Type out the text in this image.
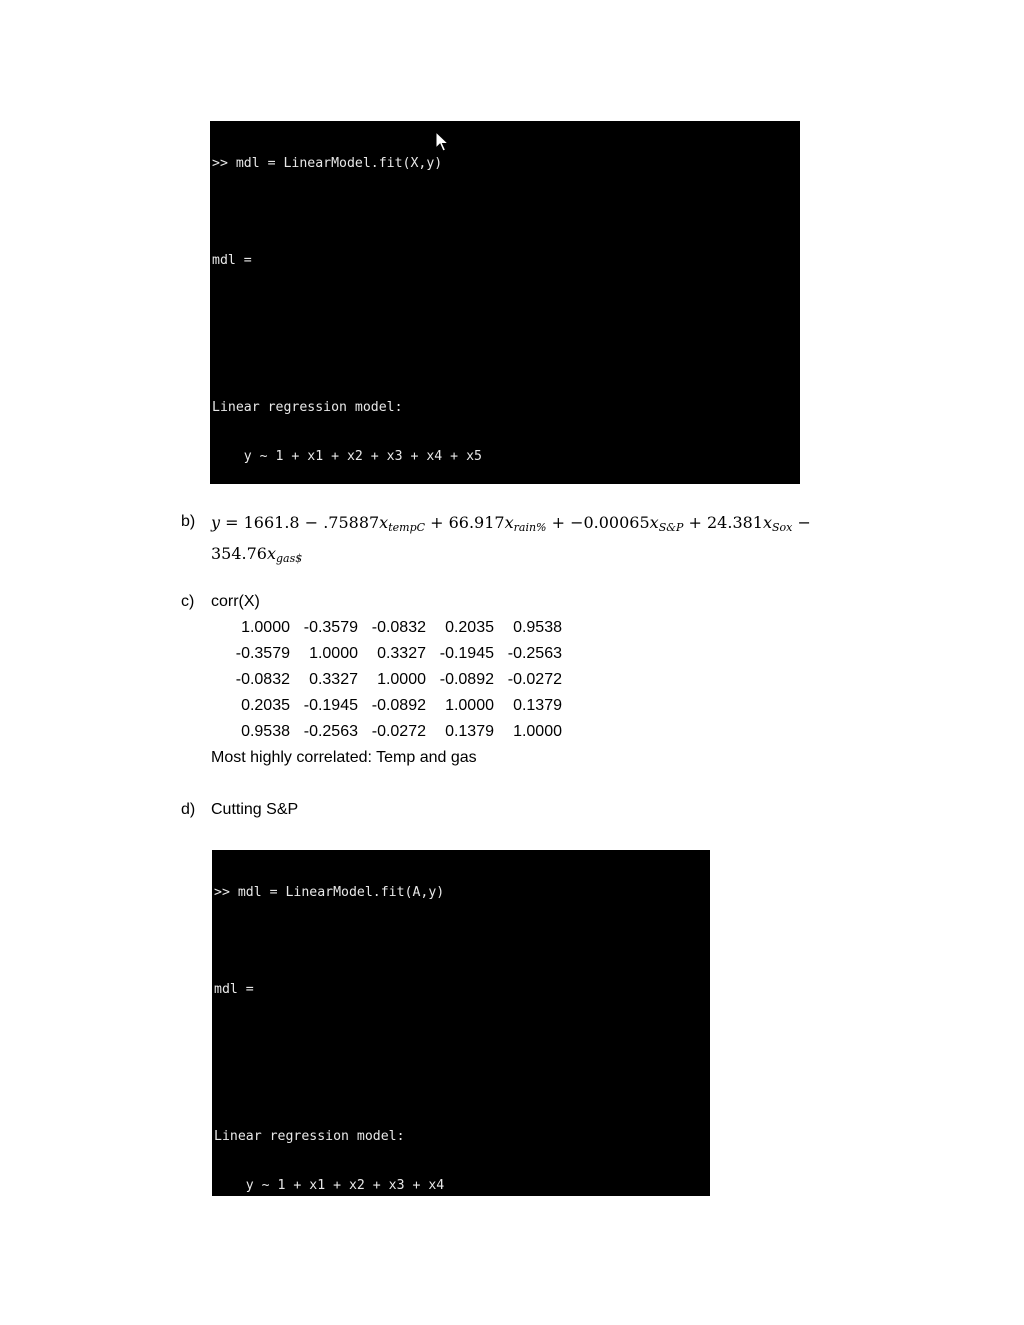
>> mdl = LinearModel.fit(X,y)

mdl =

Linear regression model:

y ~ 1 + x1 + x2 + x3 + x4 + x5

b) $y = 1661.8 - .75887x_{tempC} + 66.917x_{rain\%} + -0.00065x_{S\&P} + 24.381x_{Sox}$ −
$354.76x_{gas\$}$
c) corr(X)
1.0000 -0.3579 -0.0832	0.2035	0.9538
-0.3579	1.0000	0.3327 -0.1945 -0.2563
-0.0832	0.3327	1.0000 -0.0892 -0.0272
0.2035 -0.1945 -0.0892	1.0000	0.1379
0.9538 -0.2563 -0.0272	0.1379	1.0000
Most highly correlated: Temp and gas
d) Cutting S&P

>> mdl = LinearModel.fit(A,y)

mdl =

Linear regression model:

y ~ 1 + x1 + x2 + x3 + x4
